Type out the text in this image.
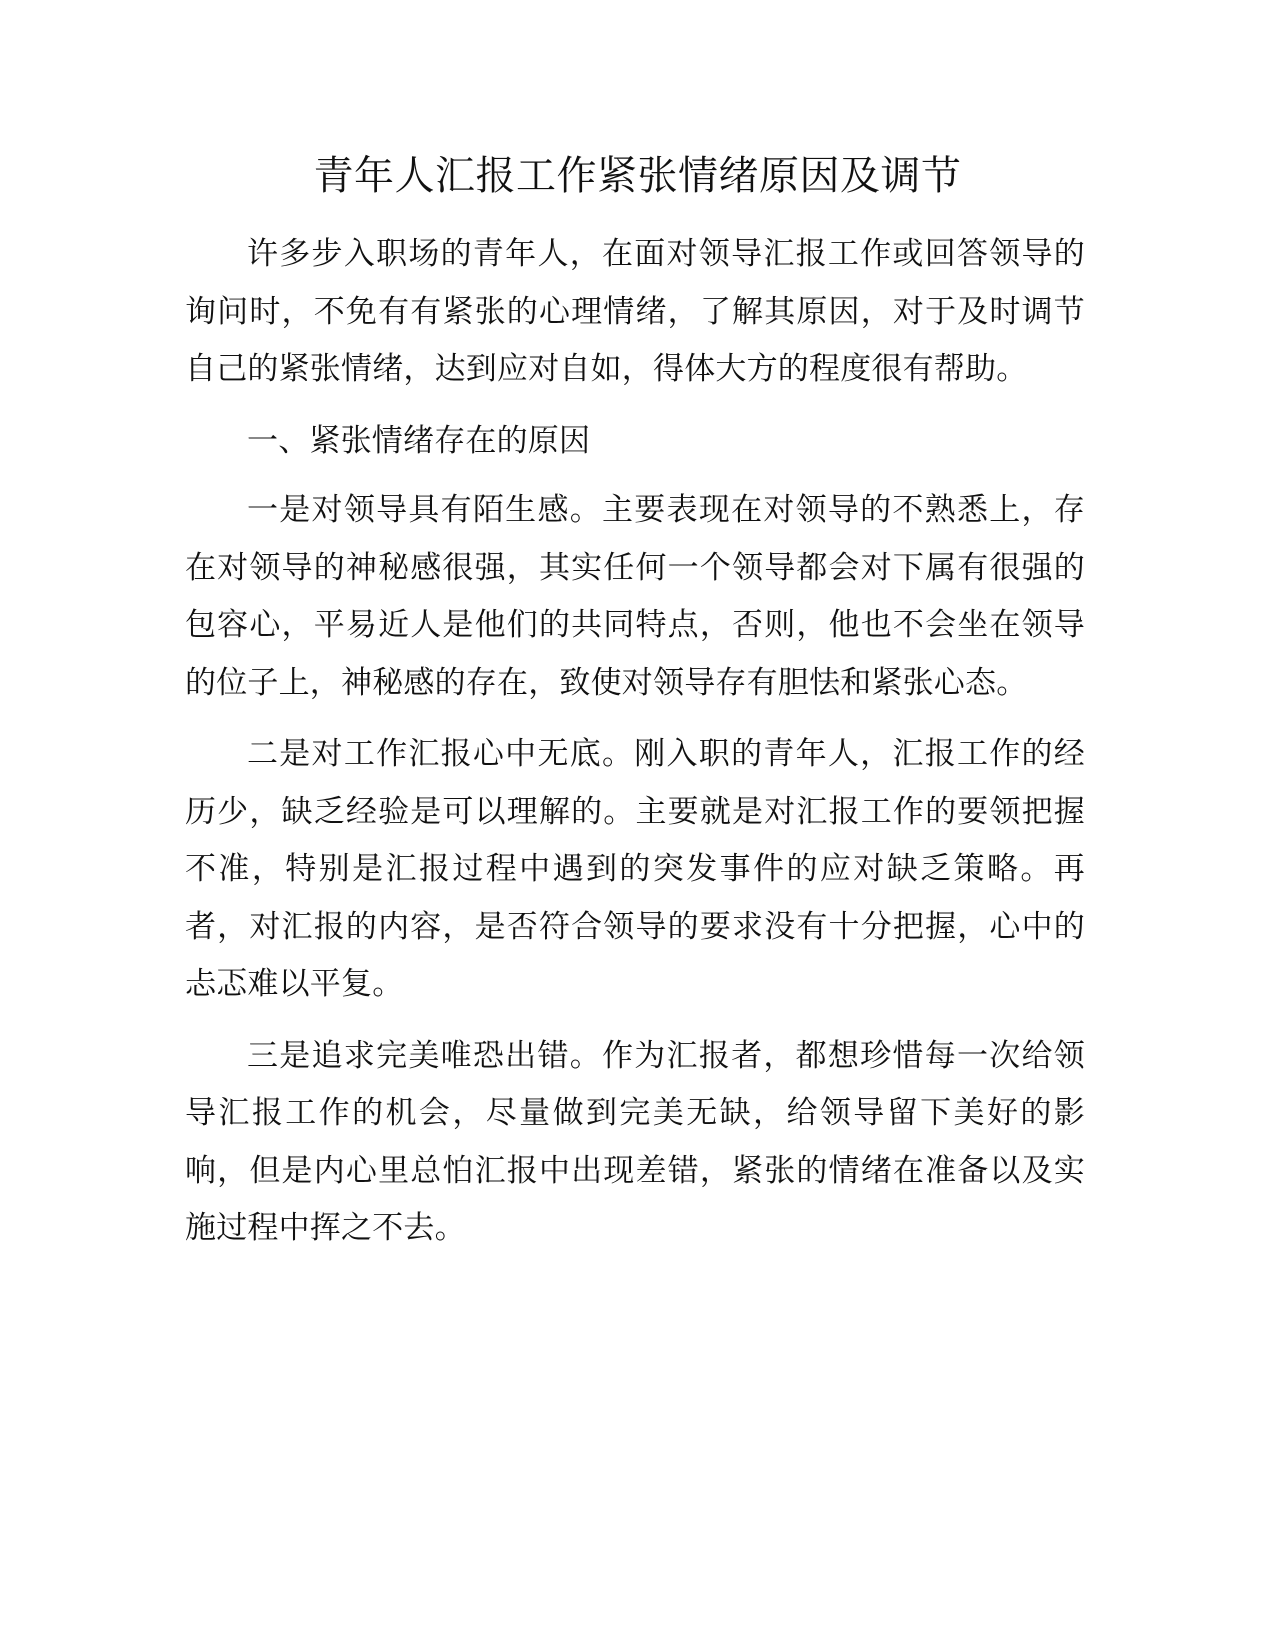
青年人汇报工作紧张情绪原因及调节

许多步入职场的青年人，在面对领导汇报工作或回答领导的询问时，不免有有紧张的心理情绪，了解其原因，对于及时调节自己的紧张情绪，达到应对自如，得体大方的程度很有帮助。

一、紧张情绪存在的原因

一是对领导具有陌生感。主要表现在对领导的不熟悉上，存在对领导的神秘感很强，其实任何一个领导都会对下属有很强的包容心，平易近人是他们的共同特点，否则，他也不会坐在领导的位子上，神秘感的存在，致使对领导存有胆怯和紧张心态。

二是对工作汇报心中无底。刚入职的青年人，汇报工作的经历少，缺乏经验是可以理解的。主要就是对汇报工作的要领把握不准，特别是汇报过程中遇到的突发事件的应对缺乏策略。再者，对汇报的内容，是否符合领导的要求没有十分把握，心中的忐忑难以平复。

三是追求完美唯恐出错。作为汇报者，都想珍惜每一次给领导汇报工作的机会，尽量做到完美无缺，给领导留下美好的影响，但是内心里总怕汇报中出现差错，紧张的情绪在准备以及实施过程中挥之不去。
